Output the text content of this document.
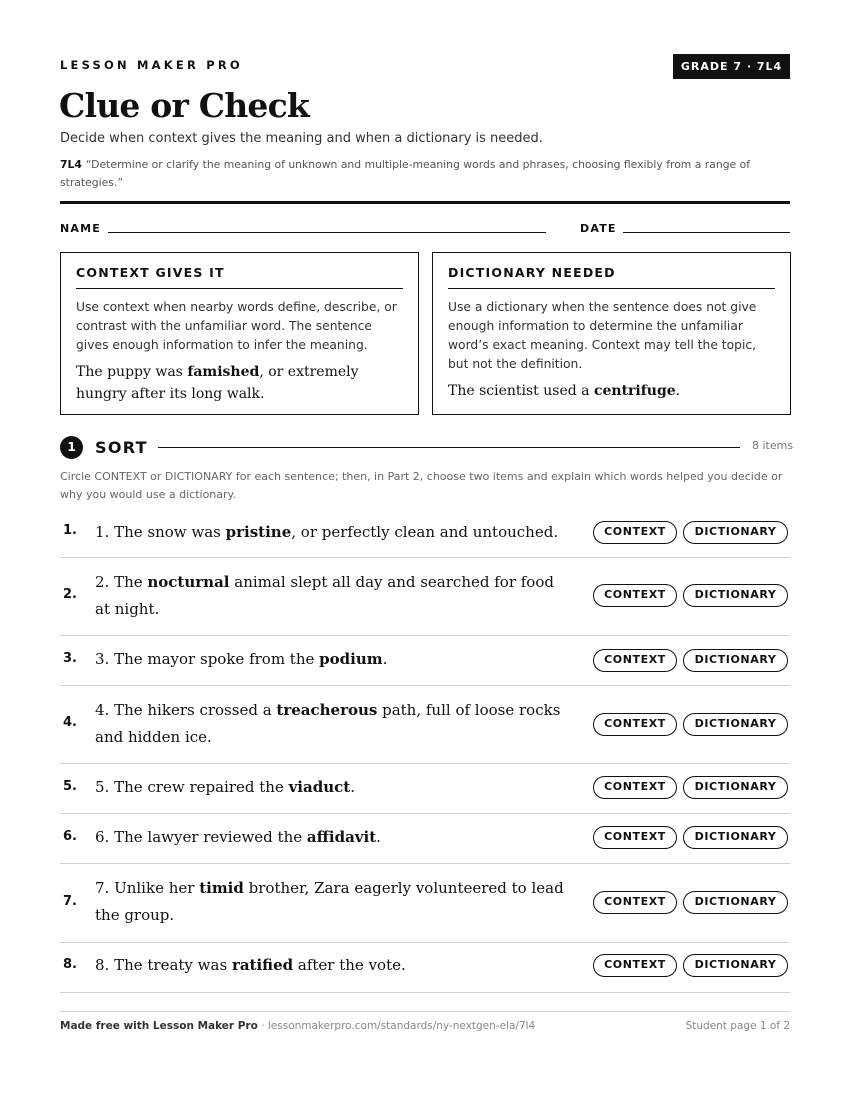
LESSON MAKER PRO	GRADE 7 · 7L4
Clue or Check
Decide when context gives the meaning and when a dictionary is needed.
7L4 “Determine or clarify the meaning of unknown and multiple-meaning words and phrases, choosing flexibly from a range of strategies.”
NAME	DATE
CONTEXT GIVES IT
Use context when nearby words define, describe, or contrast with the unfamiliar word. The sentence gives enough information to infer the meaning.
The puppy was famished, or extremely hungry after its long walk.
DICTIONARY NEEDED
Use a dictionary when the sentence does not give enough information to determine the unfamiliar word’s exact meaning. Context may tell the topic, but not the definition.
The scientist used a centrifuge.
1	SORT	8 items
Circle CONTEXT or DICTIONARY for each sentence; then, in Part 2, choose two items and explain which words helped you decide or why you would use a dictionary.
1. 1. The snow was pristine, or perfectly clean and untouched.	CONTEXT	DICTIONARY
2.
2. The nocturnal animal slept all day and searched for food at night.
CONTEXT	DICTIONARY
3. 3. The mayor spoke from the podium.	CONTEXT	DICTIONARY
4.
4. The hikers crossed a treacherous path, full of loose rocks and hidden ice.
CONTEXT	DICTIONARY
5. 5. The crew repaired the viaduct.	CONTEXT	DICTIONARY
6. 6. The lawyer reviewed the affidavit.	CONTEXT	DICTIONARY
7.
7. Unlike her timid brother, Zara eagerly volunteered to lead the group.
CONTEXT	DICTIONARY
8. 8. The treaty was ratified after the vote.	CONTEXT	DICTIONARY
Made free with Lesson Maker Pro · lessonmakerpro.com/standards/ny-nextgen-ela/7l4	Student page 1 of 2
